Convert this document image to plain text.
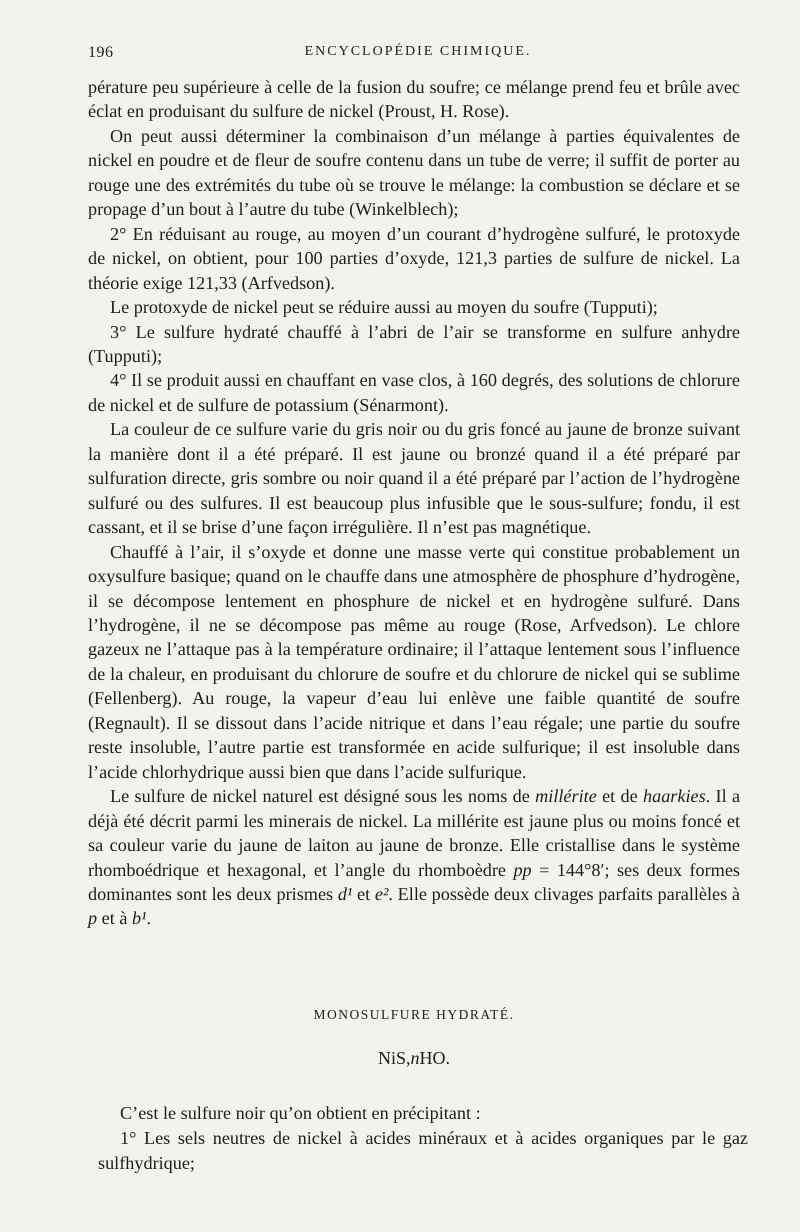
196	ENCYCLOPÉDIE CHIMIQUE.

pérature peu supérieure à celle de la fusion du soufre; ce mélange prend feu et brûle avec éclat en produisant du sulfure de nickel (Proust, H. Rose).

On peut aussi déterminer la combinaison d’un mélange à parties équivalentes de nickel en poudre et de fleur de soufre contenu dans un tube de verre; il suffit de porter au rouge une des extrémités du tube où se trouve le mélange: la combustion se déclare et se propage d’un bout à l’autre du tube (Winkelblech);

2° En réduisant au rouge, au moyen d’un courant d’hydrogène sulfuré, le protoxyde de nickel, on obtient, pour 100 parties d’oxyde, 121,3 parties de sulfure de nickel. La théorie exige 121,33 (Arfvedson).

Le protoxyde de nickel peut se réduire aussi au moyen du soufre (Tupputi);

3° Le sulfure hydraté chauffé à l’abri de l’air se transforme en sulfure anhydre (Tupputi);

4° Il se produit aussi en chauffant en vase clos, à 160 degrés, des solutions de chlorure de nickel et de sulfure de potassium (Sénarmont).

La couleur de ce sulfure varie du gris noir ou du gris foncé au jaune de bronze suivant la manière dont il a été préparé. Il est jaune ou bronzé quand il a été préparé par sulfuration directe, gris sombre ou noir quand il a été préparé par l’action de l’hydrogène sulfuré ou des sulfures. Il est beaucoup plus infusible que le sous-sulfure; fondu, il est cassant, et il se brise d’une façon irrégulière. Il n’est pas magnétique.

Chauffé à l’air, il s’oxyde et donne une masse verte qui constitue probablement un oxysulfure basique; quand on le chauffe dans une atmosphère de phosphure d’hydrogène, il se décompose lentement en phosphure de nickel et en hydrogène sulfuré. Dans l’hydrogène, il ne se décompose pas même au rouge (Rose, Arfvedson). Le chlore gazeux ne l’attaque pas à la température ordinaire; il l’attaque lentement sous l’influence de la chaleur, en produisant du chlorure de soufre et du chlorure de nickel qui se sublime (Fellenberg). Au rouge, la vapeur d’eau lui enlève une faible quantité de soufre (Regnault). Il se dissout dans l’acide nitrique et dans l’eau régale; une partie du soufre reste insoluble, l’autre partie est transformée en acide sulfurique; il est insoluble dans l’acide chlorhydrique aussi bien que dans l’acide sulfurique.

Le sulfure de nickel naturel est désigné sous les noms de millérite et de haarkies. Il a déjà été décrit parmi les minerais de nickel. La millérite est jaune plus ou moins foncé et sa couleur varie du jaune de laiton au jaune de bronze. Elle cristallise dans le système rhomboédrique et hexagonal, et l’angle du rhomboèdre pp = 144°8′; ses deux formes dominantes sont les deux prismes d¹ et e². Elle possède deux clivages parfaits parallèles à p et à b¹.

MONOSULFURE HYDRATÉ.
NiS,nHO.

C’est le sulfure noir qu’on obtient en précipitant :

1° Les sels neutres de nickel à acides minéraux et à acides organiques par le gaz sulfhydrique;
